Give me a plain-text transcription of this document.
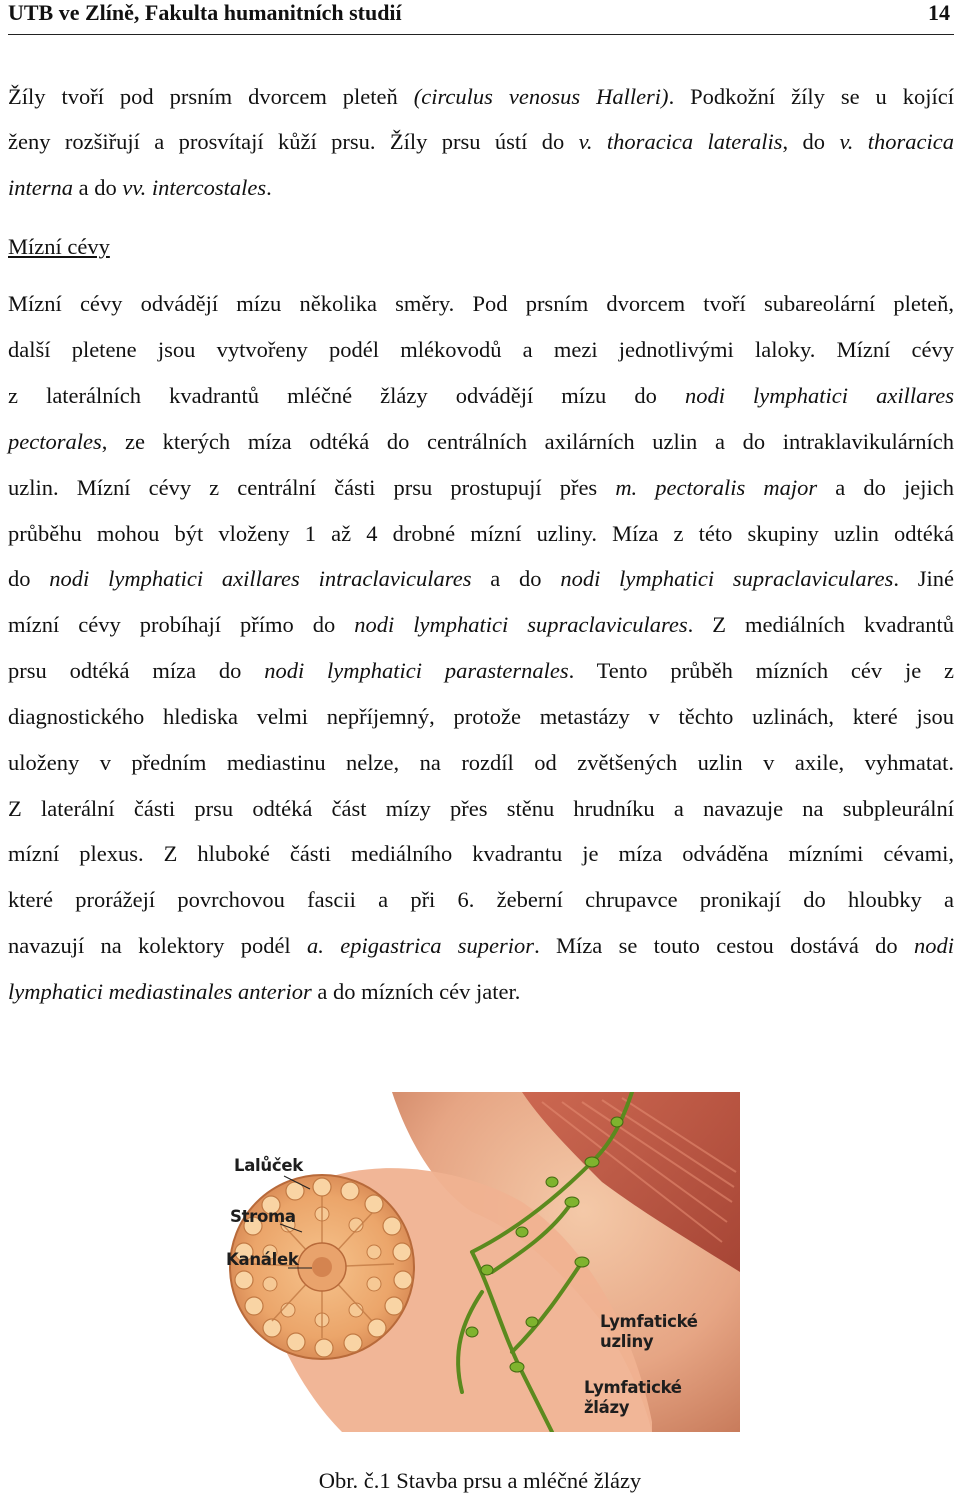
UTB ve Zlíně, Fakulta humanitních studií	14
Žíly tvoří pod prsním dvorcem pleteň (circulus venosus Halleri). Podkožní žíly se u kojící
ženy rozšiřují a prosvítají kůží prsu. Žíly prsu ústí do v. thoracica lateralis, do v. thoracica
interna a do vv. intercostales.
Mízní cévy
Mízní cévy odvádějí mízu několika směry. Pod prsním dvorcem tvoří subareolární pleteň,
další pletene jsou vytvořeny podél mlékovodů a mezi jednotlivými laloky. Mízní cévy
z laterálních kvadrantů mléčné žlázy odvádějí mízu do nodi lymphatici axillares
pectorales, ze kterých míza odtéká do centrálních axilárních uzlin a do intraklavikulárních
uzlin. Mízní cévy z centrální části prsu prostupují přes m. pectoralis major a do jejich
průběhu mohou být vloženy 1 až 4 drobné mízní uzliny. Míza z této skupiny uzlin odtéká
do nodi lymphatici axillares intraclaviculares a do nodi lymphatici supraclaviculares. Jiné
mízní cévy probíhají přímo do nodi lymphatici supraclaviculares. Z mediálních kvadrantů
prsu odtéká míza do nodi lymphatici parasternales. Tento průběh mízních cév je z
diagnostického hlediska velmi nepříjemný, protože metastázy v těchto uzlinách, které jsou
uloženy v předním mediastinu nelze, na rozdíl od zvětšených uzlin v axile, vyhmatat.
Z laterální části prsu odtéká část mízy přes stěnu hrudníku a navazuje na subpleurální
mízní plexus. Z hluboké části mediálního kvadrantu je míza odváděna mízními cévami,
které prorážejí povrchovou fascii a při 6. žeberní chrupavce pronikají do hloubky a
navazují na kolektory podél a. epigastrica superior. Míza se touto cestou dostává do nodi
lymphatici mediastinales anterior a do mízních cév jater.
Lalůček
Stroma
Kanálek
Lymfatické
uzliny
Lymfatické
žlázy
Obr. č.1 Stavba prsu a mléčné žlázy
